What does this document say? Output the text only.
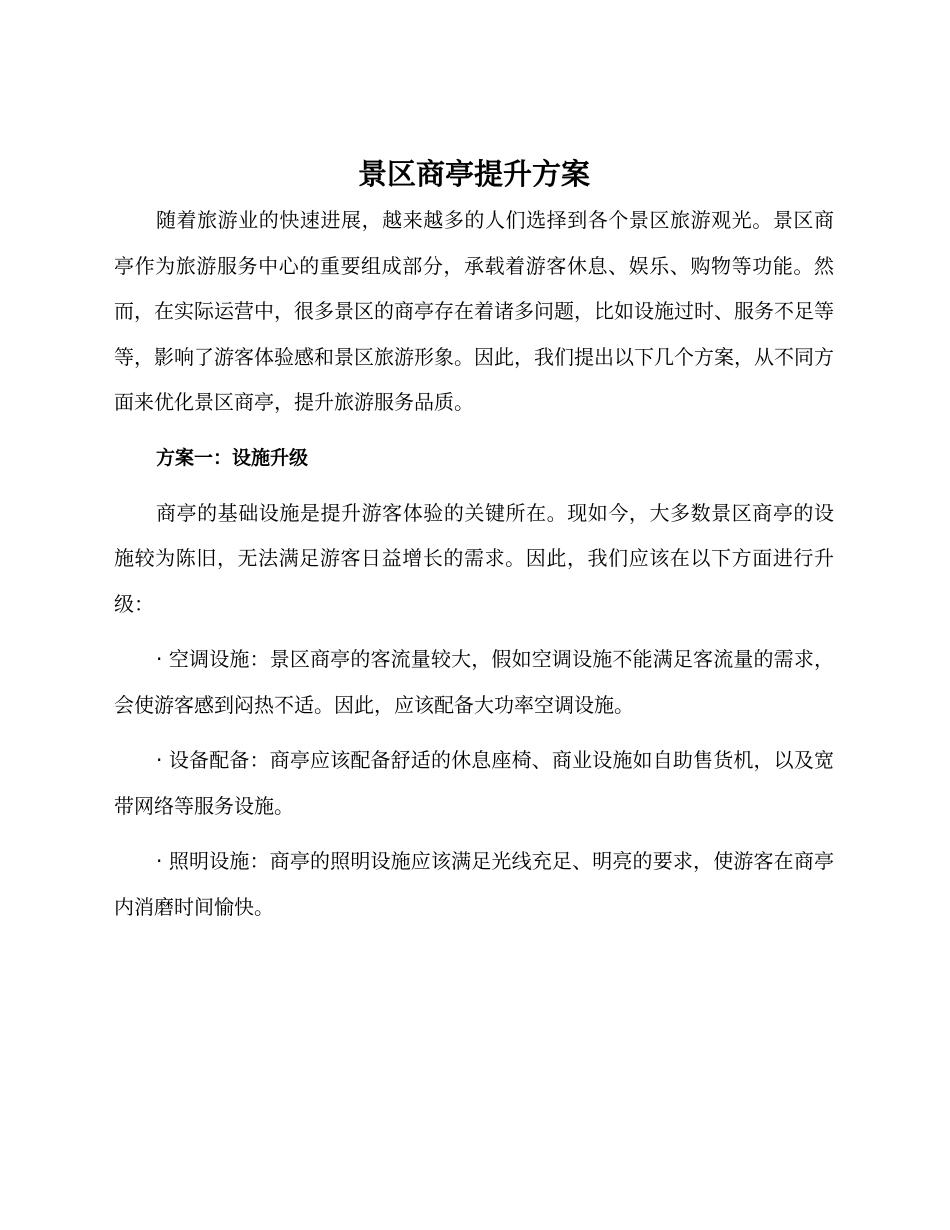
景区商亭提升方案

随着旅游业的快速进展，越来越多的人们选择到各个景区旅游观光。景区商亭作为旅游服务中心的重要组成部分，承载着游客休息、娱乐、购物等功能。然而，在实际运营中，很多景区的商亭存在着诸多问题，比如设施过时、服务不足等等，影响了游客体验感和景区旅游形象。因此，我们提出以下几个方案，从不同方面来优化景区商亭，提升旅游服务品质。

方案一：设施升级

商亭的基础设施是提升游客体验的关键所在。现如今，大多数景区商亭的设施较为陈旧，无法满足游客日益增长的需求。因此，我们应该在以下方面进行升级：

· 空调设施：景区商亭的客流量较大，假如空调设施不能满足客流量的需求，会使游客感到闷热不适。因此，应该配备大功率空调设施。

· 设备配备：商亭应该配备舒适的休息座椅、商业设施如自助售货机，以及宽带网络等服务设施。

· 照明设施：商亭的照明设施应该满足光线充足、明亮的要求，使游客在商亭内消磨时间愉快。
